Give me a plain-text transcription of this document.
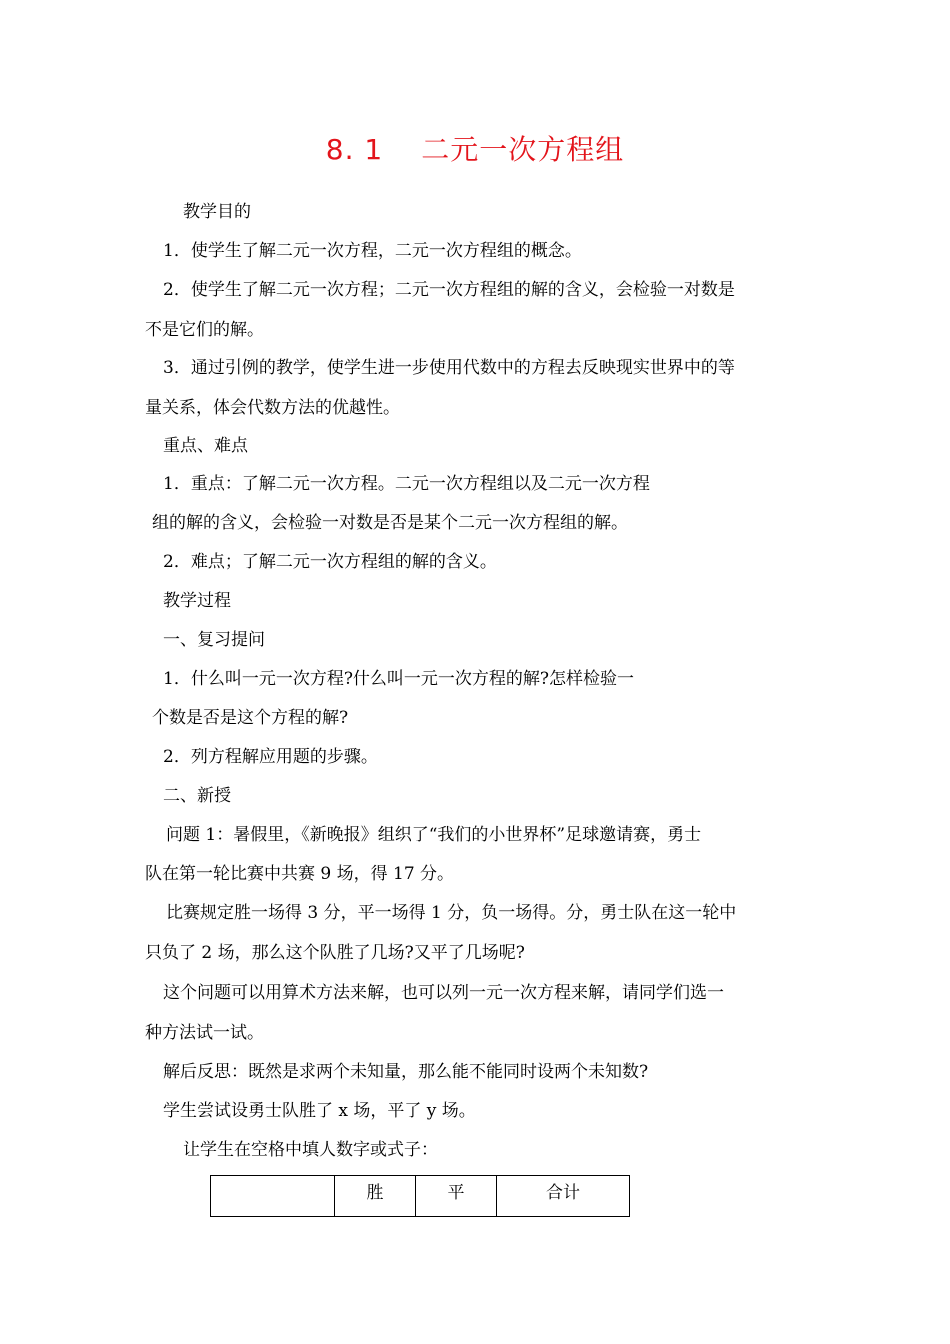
8. 1 二元一次方程组
教学目的
1．使学生了解二元一次方程，二元一次方程组的概念。
2．使学生了解二元一次方程；二元一次方程组的解的含义，会检验一对数是
不是它们的解。
3．通过引例的教学，使学生进一步使用代数中的方程去反映现实世界中的等
量关系，体会代数方法的优越性。
重点、难点
1．重点：了解二元一次方程。二元一次方程组以及二元一次方程
组的解的含义，会检验一对数是否是某个二元一次方程组的解。
2．难点；了解二元一次方程组的解的含义。
教学过程
一、复习提问
1．什么叫一元一次方程?什么叫一元一次方程的解?怎样检验一
个数是否是这个方程的解?
2．列方程解应用题的步骤。
二、新授
问题 1：暑假里，《新晚报》组织了“我们的小世界杯”足球邀请赛，勇士
队在第一轮比赛中共赛 9 场，得 17 分。
比赛规定胜一场得 3 分，平一场得 1 分，负一场得。分，勇士队在这一轮中
只负了 2 场，那么这个队胜了几场?又平了几场呢?
这个问题可以用算术方法来解，也可以列一元一次方程来解，请同学们选一
种方法试一试。
解后反思：既然是求两个未知量，那么能不能同时设两个未知数?
学生尝试设勇士队胜了 x 场，平了 y 场。
让学生在空格中填人数字或式子：
	胜	平	合计
